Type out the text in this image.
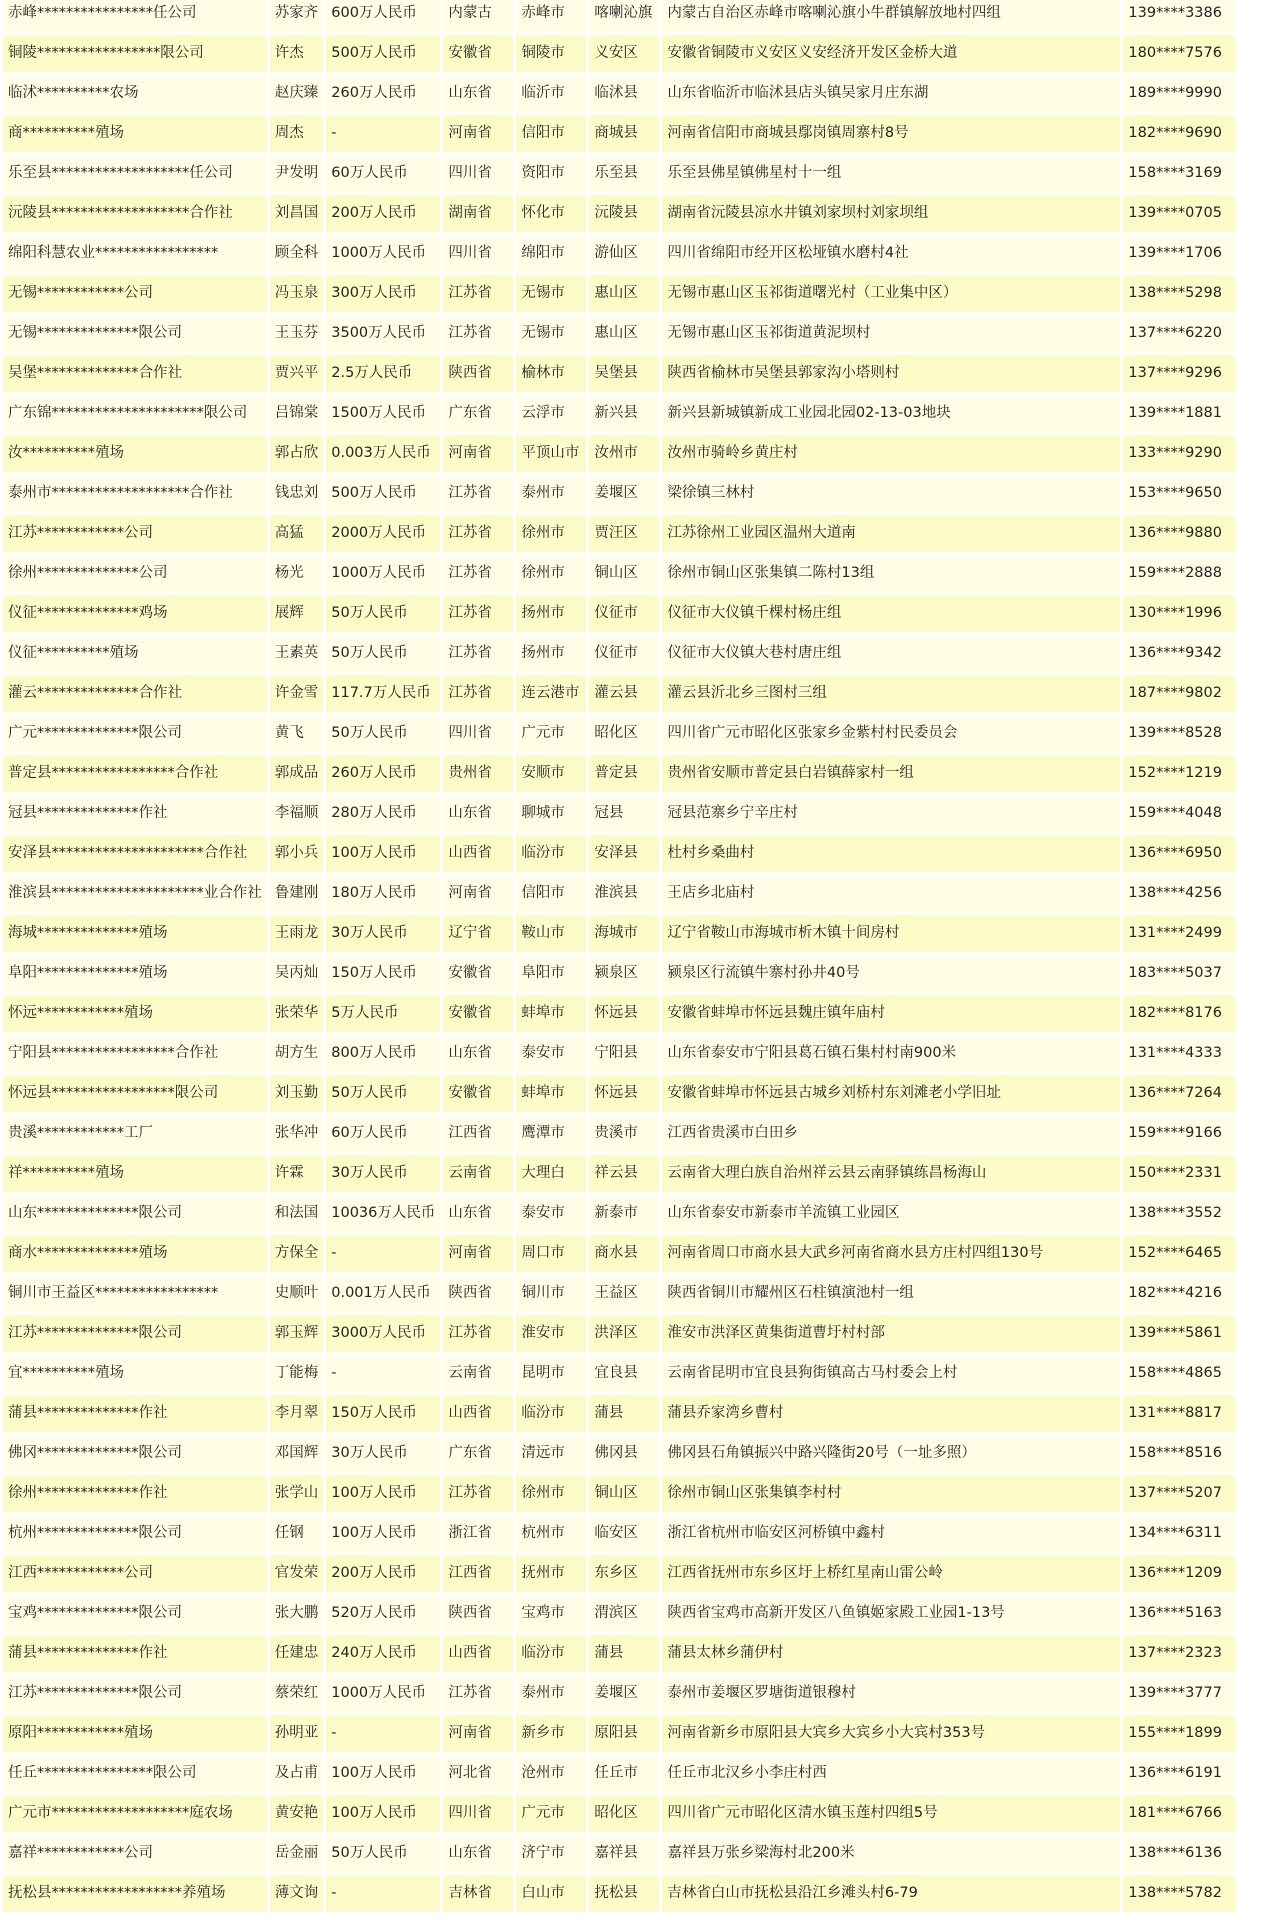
赤峰****************任公司	苏家齐	600万人民币	内蒙古	赤峰市	喀喇沁旗	内蒙古自治区赤峰市喀喇沁旗小牛群镇解放地村四组	139****3386
铜陵*****************限公司	许杰	500万人民币	安徽省	铜陵市	义安区	安徽省铜陵市义安区义安经济开发区金桥大道	180****7576
临沭**********农场	赵庆臻	260万人民币	山东省	临沂市	临沭县	山东省临沂市临沭县店头镇吴家月庄东湖	189****9990
商**********殖场	周杰	-	河南省	信阳市	商城县	河南省信阳市商城县鄢岗镇周寨村8号	182****9690
乐至县*******************任公司	尹发明	60万人民币	四川省	资阳市	乐至县	乐至县佛星镇佛星村十一组	158****3169
沅陵县*******************合作社	刘昌国	200万人民币	湖南省	怀化市	沅陵县	湖南省沅陵县凉水井镇刘家坝村刘家坝组	139****0705
绵阳科慧农业*****************	顾全科	1000万人民币	四川省	绵阳市	游仙区	四川省绵阳市经开区松垭镇水磨村4社	139****1706
无锡************公司	冯玉泉	300万人民币	江苏省	无锡市	惠山区	无锡市惠山区玉祁街道曙光村（工业集中区）	138****5298
无锡**************限公司	王玉芬	3500万人民币	江苏省	无锡市	惠山区	无锡市惠山区玉祁街道黄泥坝村	137****6220
吴堡**************合作社	贾兴平	2.5万人民币	陕西省	榆林市	吴堡县	陕西省榆林市吴堡县郭家沟小塔则村	137****9296
广东锦*********************限公司	吕锦棠	1500万人民币	广东省	云浮市	新兴县	新兴县新城镇新成工业园北园02-13-03地块	139****1881
汝**********殖场	郭占欣	0.003万人民币	河南省	平顶山市	汝州市	汝州市骑岭乡黄庄村	133****9290
泰州市*******************合作社	钱忠刘	500万人民币	江苏省	泰州市	姜堰区	梁徐镇三林村	153****9650
江苏************公司	高猛	2000万人民币	江苏省	徐州市	贾汪区	江苏徐州工业园区温州大道南	136****9880
徐州**************公司	杨光	1000万人民币	江苏省	徐州市	铜山区	徐州市铜山区张集镇二陈村13组	159****2888
仪征**************鸡场	展辉	50万人民币	江苏省	扬州市	仪征市	仪征市大仪镇千棵村杨庄组	130****1996
仪征**********殖场	王素英	50万人民币	江苏省	扬州市	仪征市	仪征市大仪镇大巷村唐庄组	136****9342
灌云**************合作社	许金雪	117.7万人民币	江苏省	连云港市	灌云县	灌云县沂北乡三图村三组	187****9802
广元**************限公司	黄飞	50万人民币	四川省	广元市	昭化区	四川省广元市昭化区张家乡金紫村村民委员会	139****8528
普定县*****************合作社	郭成品	260万人民币	贵州省	安顺市	普定县	贵州省安顺市普定县白岩镇薛家村一组	152****1219
冠县**************作社	李福顺	280万人民币	山东省	聊城市	冠县	冠县范寨乡宁辛庄村	159****4048
安泽县*********************合作社	郭小兵	100万人民币	山西省	临汾市	安泽县	杜村乡桑曲村	136****6950
淮滨县*********************业合作社	鲁建刚	180万人民币	河南省	信阳市	淮滨县	王店乡北庙村	138****4256
海城**************殖场	王雨龙	30万人民币	辽宁省	鞍山市	海城市	辽宁省鞍山市海城市析木镇十间房村	131****2499
阜阳**************殖场	吴丙灿	150万人民币	安徽省	阜阳市	颍泉区	颍泉区行流镇牛寨村孙井40号	183****5037
怀远************殖场	张荣华	5万人民币	安徽省	蚌埠市	怀远县	安徽省蚌埠市怀远县魏庄镇年庙村	182****8176
宁阳县*****************合作社	胡方生	800万人民币	山东省	泰安市	宁阳县	山东省泰安市宁阳县葛石镇石集村村南900米	131****4333
怀远县*****************限公司	刘玉勤	50万人民币	安徽省	蚌埠市	怀远县	安徽省蚌埠市怀远县古城乡刘桥村东刘滩老小学旧址	136****7264
贵溪************工厂	张华冲	60万人民币	江西省	鹰潭市	贵溪市	江西省贵溪市白田乡	159****9166
祥**********殖场	许霖	30万人民币	云南省	大理白	祥云县	云南省大理白族自治州祥云县云南驿镇练昌杨海山	150****2331
山东**************限公司	和法国	10036万人民币	山东省	泰安市	新泰市	山东省泰安市新泰市羊流镇工业园区	138****3552
商水**************殖场	方保全	-	河南省	周口市	商水县	河南省周口市商水县大武乡河南省商水县方庄村四组130号	152****6465
铜川市王益区*****************	史顺叶	0.001万人民币	陕西省	铜川市	王益区	陕西省铜川市耀州区石柱镇演池村一组	182****4216
江苏**************限公司	郭玉辉	3000万人民币	江苏省	淮安市	洪泽区	淮安市洪泽区黄集街道曹圩村村部	139****5861
宜**********殖场	丁能梅	-	云南省	昆明市	宜良县	云南省昆明市宜良县狗街镇高古马村委会上村	158****4865
蒲县**************作社	李月翠	150万人民币	山西省	临汾市	蒲县	蒲县乔家湾乡曹村	131****8817
佛冈**************限公司	邓国辉	30万人民币	广东省	清远市	佛冈县	佛冈县石角镇振兴中路兴隆街20号（一址多照）	158****8516
徐州**************作社	张学山	100万人民币	江苏省	徐州市	铜山区	徐州市铜山区张集镇李村村	137****5207
杭州**************限公司	任钢	100万人民币	浙江省	杭州市	临安区	浙江省杭州市临安区河桥镇中鑫村	134****6311
江西************公司	官发荣	200万人民币	江西省	抚州市	东乡区	江西省抚州市东乡区圩上桥红星南山雷公岭	136****1209
宝鸡**************限公司	张大鹏	520万人民币	陕西省	宝鸡市	渭滨区	陕西省宝鸡市高新开发区八鱼镇姬家殿工业园1-13号	136****5163
蒲县**************作社	任建忠	240万人民币	山西省	临汾市	蒲县	蒲县太林乡蒲伊村	137****2323
江苏**************限公司	蔡荣红	1000万人民币	江苏省	泰州市	姜堰区	泰州市姜堰区罗塘街道银穆村	139****3777
原阳************殖场	孙明亚	-	河南省	新乡市	原阳县	河南省新乡市原阳县大宾乡大宾乡小大宾村353号	155****1899
任丘****************限公司	及占甫	100万人民币	河北省	沧州市	任丘市	任丘市北汉乡小李庄村西	136****6191
广元市*******************庭农场	黄安艳	100万人民币	四川省	广元市	昭化区	四川省广元市昭化区清水镇玉莲村四组5号	181****6766
嘉祥************公司	岳金丽	50万人民币	山东省	济宁市	嘉祥县	嘉祥县万张乡梁海村北200米	138****6136
抚松县******************养殖场	薄文询	-	吉林省	白山市	抚松县	吉林省白山市抚松县沿江乡滩头村6-79	138****5782
